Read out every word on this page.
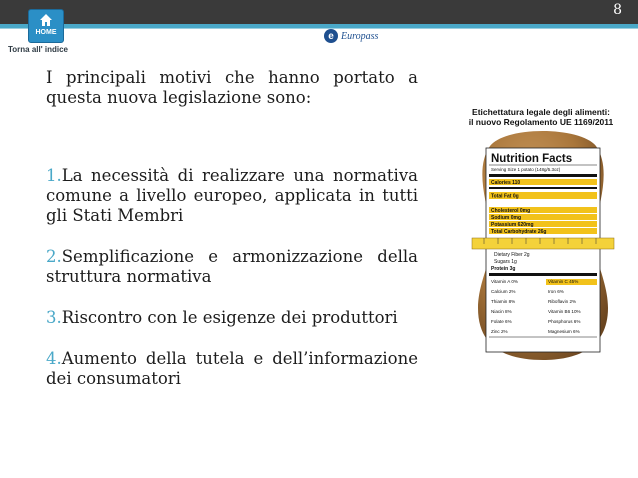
8
HOME
Torna all' indice
e Europass

I principali motivi che hanno portato a questa nuova legislazione sono:

1.La necessità di realizzare una normativa comune a livello europeo, applicata in tutti gli Stati Membri

2.Semplificazione e armonizzazione della struttura normativa

3.Riscontro con le esigenze dei produttori

4.Aumento della tutela e dell’informazione dei consumatori

Etichettatura legale degli alimenti:
il nuovo Regolamento UE 1169/2011
Nutrition Facts
Serving Size 1 potato (148g/5.3oz)
Calories 110
Total Fat 0g
Cholesterol 0mg
Sodium 0mg
Potassium 620mg
Total Carbohydrate 26g
Dietary Fiber 2g
Sugars 1g
Protein 3g
Vitamin A 0%	Vitamin C 45%
Calcium 2%	Iron 6%
Thiamin 8%	Riboflavin 2%
Niacin 8%	Vitamin B6 10%
Folate 6%	Phosphorus 6%
Zinc 2%	Magnesium 6%
